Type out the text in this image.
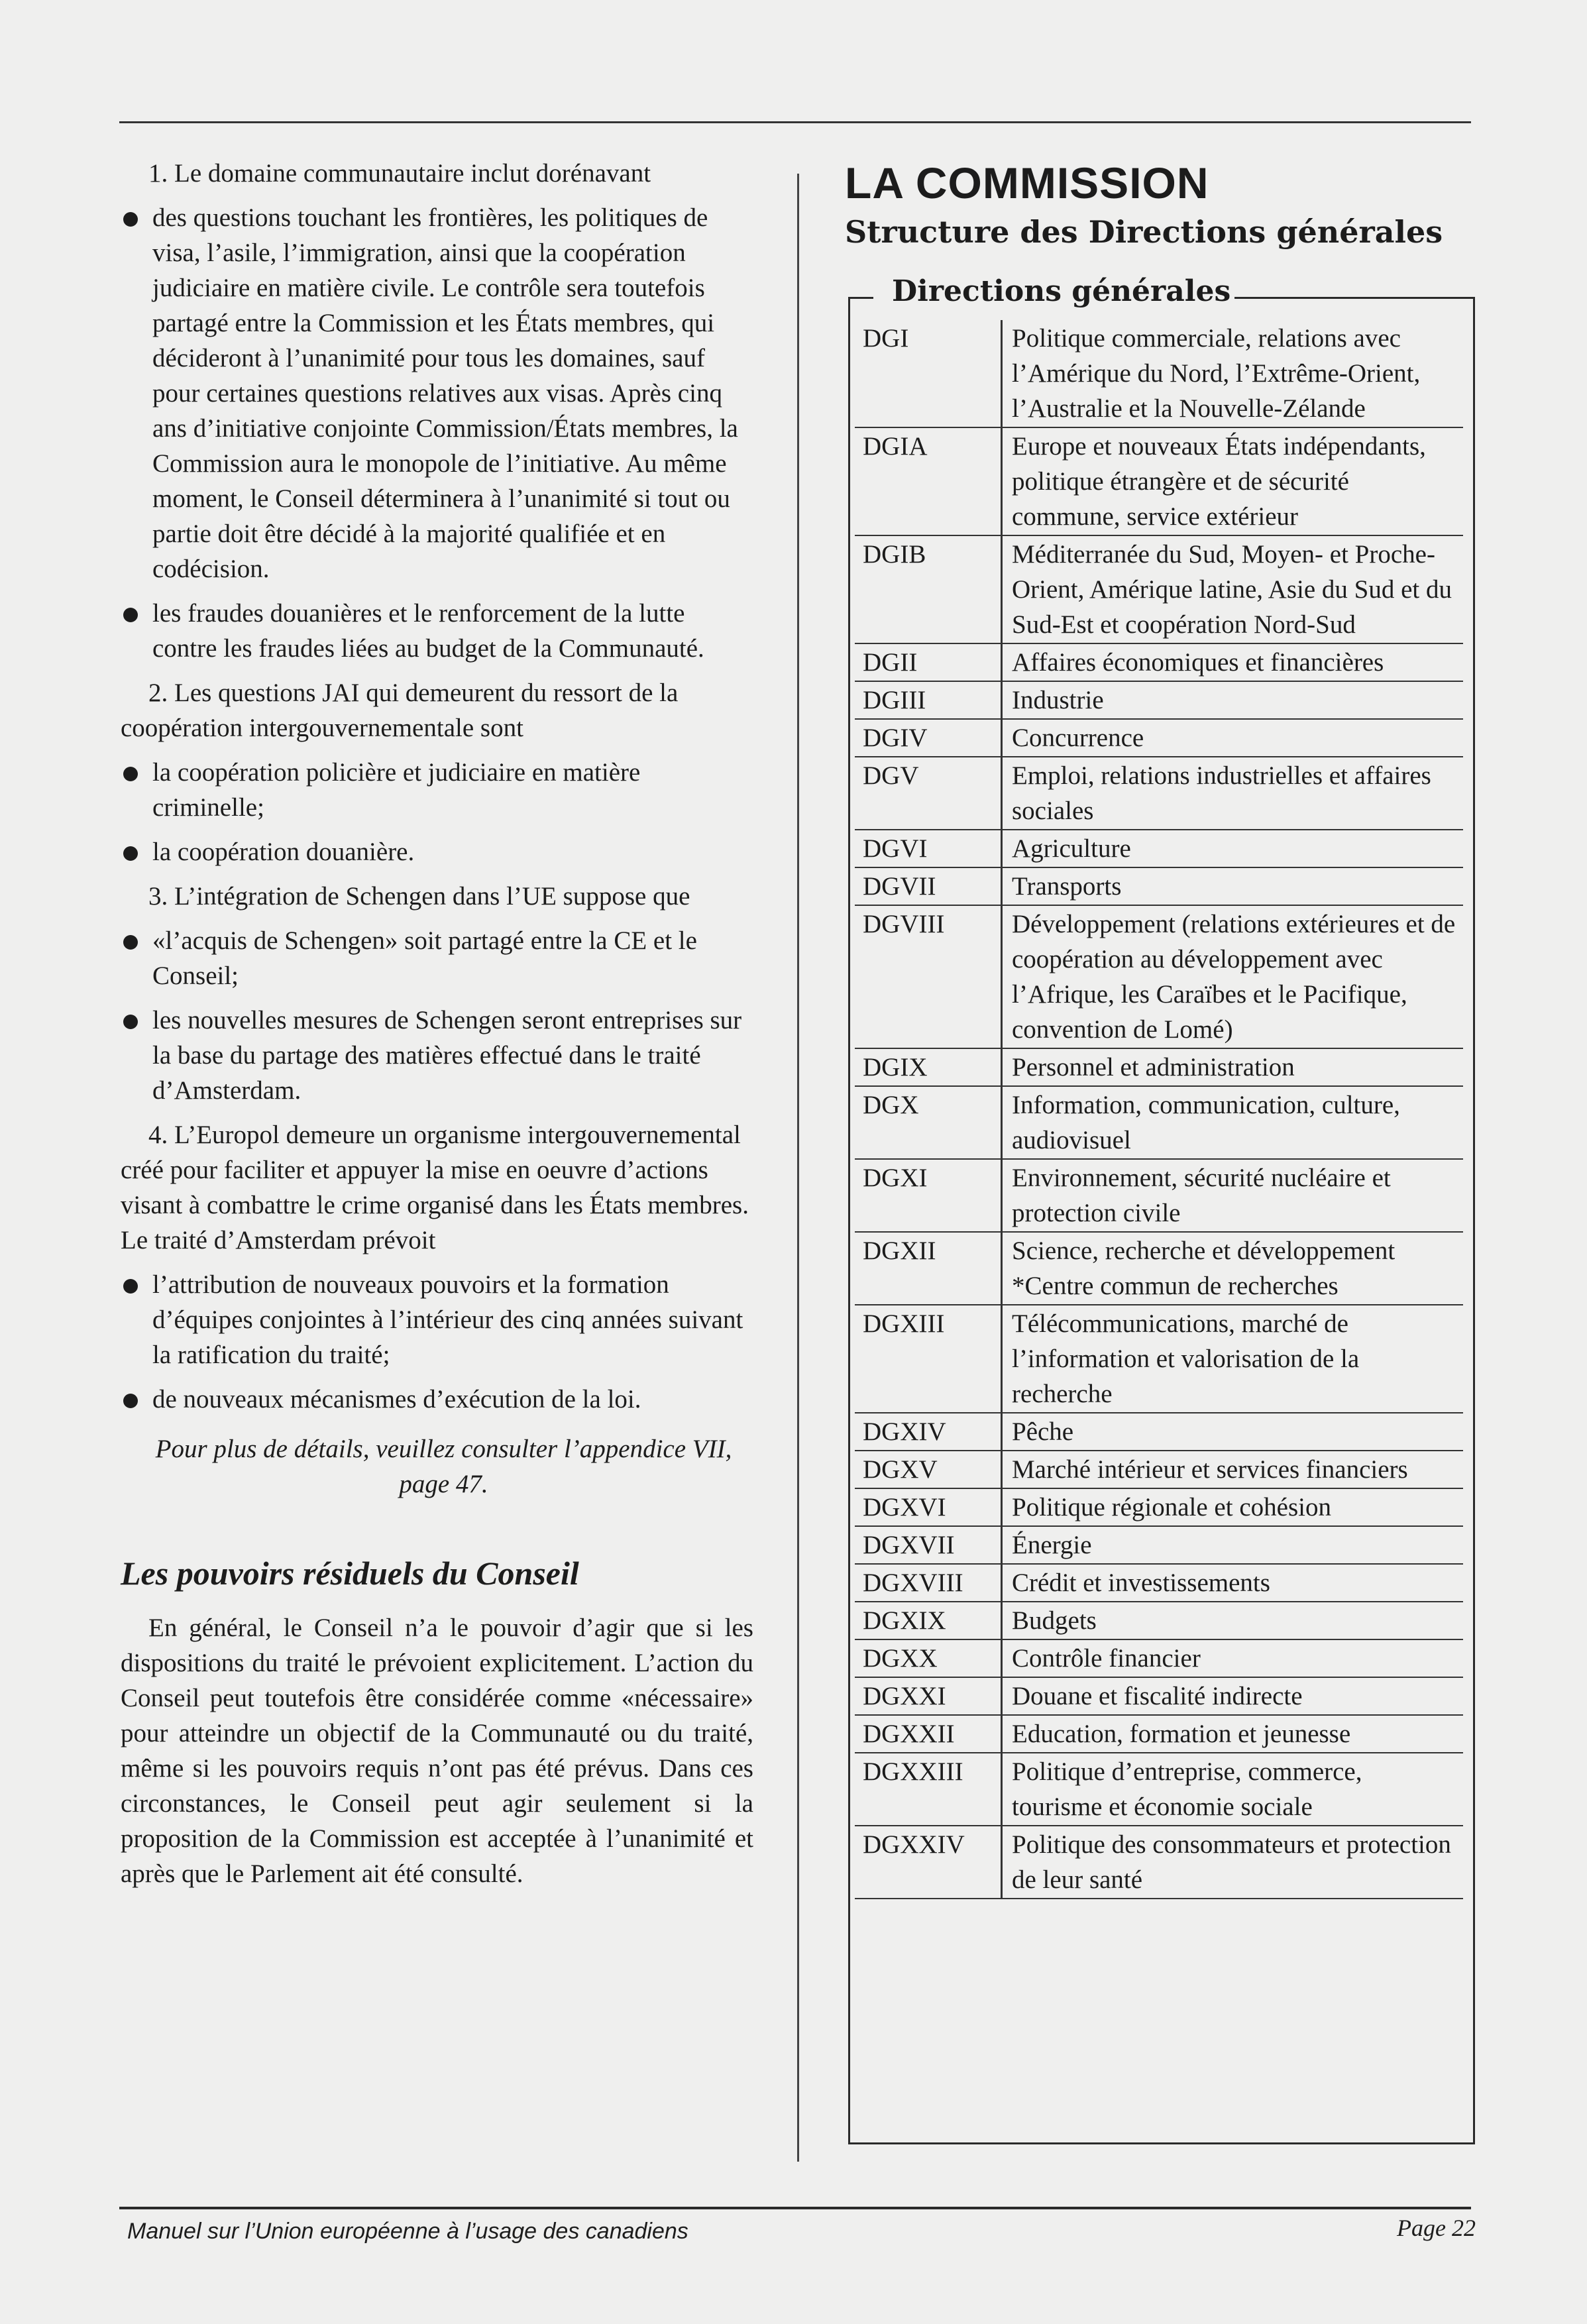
1. Le domaine communautaire inclut dorénavant

des questions touchant les frontières, les politiques de visa, l’asile, l’immigration, ainsi que la coopération judiciaire en matière civile. Le contrôle sera toutefois partagé entre la Commission et les États membres, qui décideront à l’unanimité pour tous les domaines, sauf pour certaines questions relatives aux visas. Après cinq ans d’initiative conjointe Commission/États membres, la Commission aura le monopole de l’initiative. Au même moment, le Conseil déterminera à l’unanimité si tout ou partie doit être décidé à la majorité qualifiée et en codécision.
les fraudes douanières et le renforcement de la lutte contre les fraudes liées au budget de la Communauté.

2. Les questions JAI qui demeurent du ressort de la coopération intergouvernementale sont

la coopération policière et judiciaire en matière criminelle;
la coopération douanière.

3. L’intégration de Schengen dans l’UE suppose que

«l’acquis de Schengen» soit partagé entre la CE et le Conseil;
les nouvelles mesures de Schengen seront entreprises sur la base du partage des matières effectué dans le traité d’Amsterdam.

4. L’Europol demeure un organisme intergouvernemental créé pour faciliter et appuyer la mise en oeuvre d’actions visant à combattre le crime organisé dans les États membres. Le traité d’Amsterdam prévoit

l’attribution de nouveaux pouvoirs et la formation d’équipes conjointes à l’intérieur des cinq années suivant la ratification du traité;
de nouveaux mécanismes d’exécution de la loi.

Pour plus de détails, veuillez consulter l’appendice VII, page 47.

Les pouvoirs résiduels du Conseil

En général, le Conseil n’a le pouvoir d’agir que si les dispositions du traité le prévoient explicitement. L’action du Conseil peut toutefois être considérée comme «nécessaire» pour atteindre un objectif de la Communauté ou du traité, même si les pouvoirs requis n’ont pas été prévus. Dans ces circonstances, le Conseil peut agir seulement si la proposition de la Commission est acceptée à l’unanimité et après que le Parlement ait été consulté.

LA COMMISSION
Structure des Directions générales
Directions générales
DGI	Politique commerciale, relations avec l’Amérique du Nord, l’Extrême-Orient, l’Australie et la Nouvelle-Zélande
DGIA	Europe et nouveaux États indépendants, politique étrangère et de sécurité commune, service extérieur
DGIB	Méditerranée du Sud, Moyen- et Proche-Orient, Amérique latine, Asie du Sud et du Sud-Est et coopération Nord-Sud
DGII	Affaires économiques et financières
DGIII	Industrie
DGIV	Concurrence
DGV	Emploi, relations industrielles et affaires sociales
DGVI	Agriculture
DGVII	Transports
DGVIII	Développement (relations extérieures et de coopération au développement avec l’Afrique, les Caraïbes et le Pacifique, convention de Lomé)
DGIX	Personnel et administration
DGX	Information, communication, culture, audiovisuel
DGXI	Environnement, sécurité nucléaire et protection civile
DGXII	Science, recherche et développement *Centre commun de recherches
DGXIII	Télécommunications, marché de l’information et valorisation de la recherche
DGXIV	Pêche
DGXV	Marché intérieur et services financiers
DGXVI	Politique régionale et cohésion
DGXVII	Énergie
DGXVIII	Crédit et investissements
DGXIX	Budgets
DGXX	Contrôle financier
DGXXI	Douane et fiscalité indirecte
DGXXII	Education, formation et jeunesse
DGXXIII	Politique d’entreprise, commerce, tourisme et économie sociale
DGXXIV	Politique des consommateurs et protection de leur santé
Manuel sur l’Union européenne à l’usage des canadiens	Page 22
